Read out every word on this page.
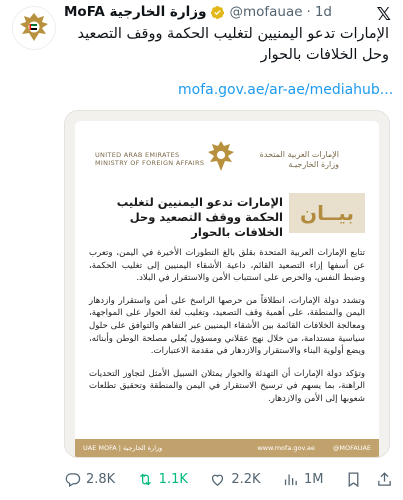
𝕏
MoFA وزارة الخارجية @mofauae · 1d
الإمارات تدعو اليمنيين لتغليب الحكمة ووقف التصعيد وحل الخلافات بالحوار
mofa.gov.ae/ar-ae/mediahub...
UNITED ARAB EMIRATES
MINISTRY OF FOREIGN AFFAIRS
الإمارات العربية المتحدة
وزارة الخارجيـة
الإمارات تدعو اليمنيين لتغليب الحكمة ووقف التصعيد وحل الخلافات بالحوار
بيــان

تتابع الإمارات العربية المتحدة بقلق بالغ التطورات الأخيرة في اليمن، وتعرب عن أسفها إزاء التصعيد القائم، داعية الأشقاء اليمنيين إلى تغليب الحكمة، وضبط النفس، والحرص على استتباب الأمن والاستقرار في البلاد.

وتشدد دولة الإمارات، انطلاقاً من حرصها الراسخ على أمن واستقرار وازدهار اليمن والمنطقة، على أهمية وقف التصعيد، وتغليب لغة الحوار على المواجهة، ومعالجة الخلافات القائمة بين الأشقاء اليمنيين عبر التفاهم والتوافق على حلول سياسية مستدامة، من خلال نهج عقلاني ومسؤول يُعلي مصلحة الوطن وأبنائه، ويضع أولوية البناء والاستقرار والازدهار في مقدمة الاعتبارات.

وتؤكد دولة الإمارات أن التهدئة والحوار يمثلان السبيل الأمثل لتجاوز التحديات الراهنة، بما يسهم في ترسيخ الاستقرار في اليمن والمنطقة وتحقيق تطلعات شعوبها إلى الأمن والازدهار.

UAE MOFA | وزارة الخارجية	www.mofa.gov.ae	@MOFAUAE
2.8K	1.1K	2.2K	1M
